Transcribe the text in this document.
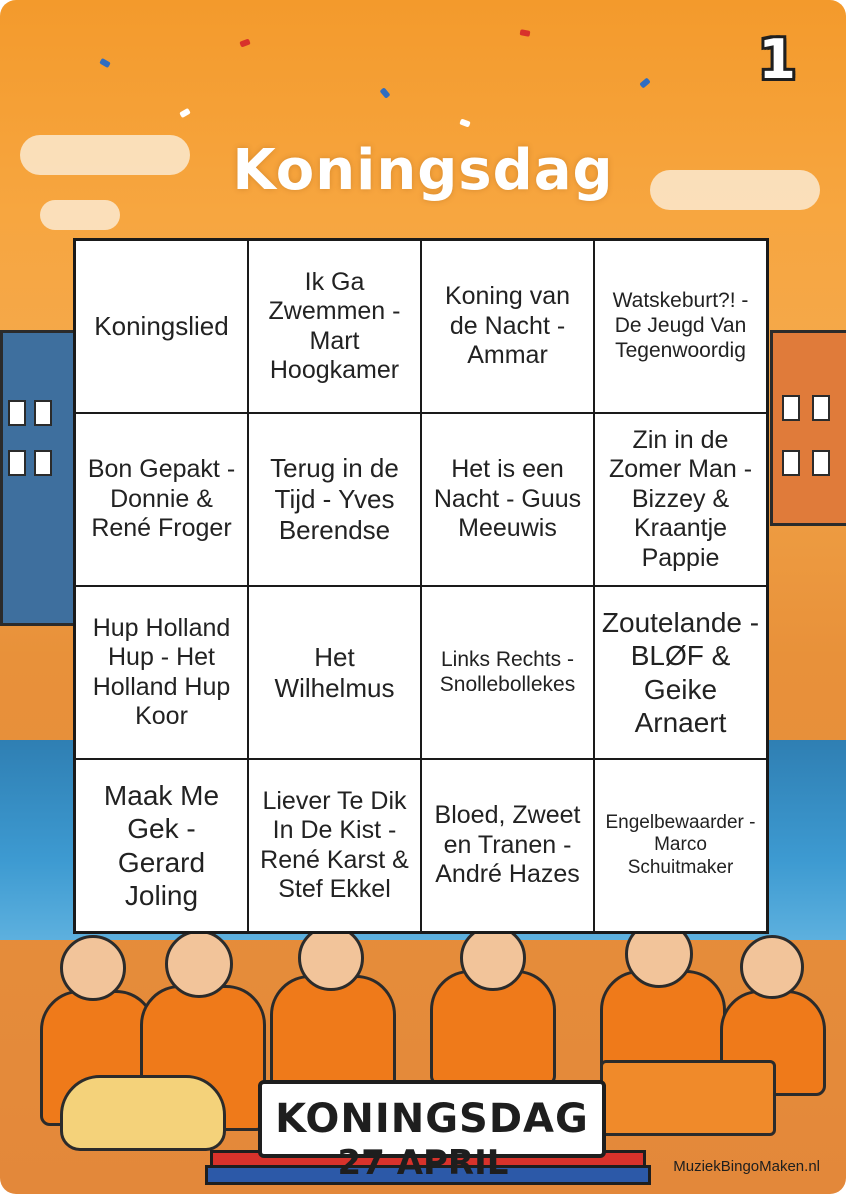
1
Koningsdag
Koningslied
Ik Ga Zwemmen - Mart Hoogkamer
Koning van de Nacht - Ammar
Watskeburt?! - De Jeugd Van Tegenwoordig
Bon Gepakt - Donnie & René Froger
Terug in de Tijd - Yves Berendse
Het is een Nacht - Guus Meeuwis
Zin in de Zomer Man - Bizzey & Kraantje Pappie
Hup Holland Hup - Het Holland Hup Koor
Het Wilhelmus
Links Rechts - Snollebollekes
Zoutelande - BLØF & Geike Arnaert
Maak Me Gek - Gerard Joling
Liever Te Dik In De Kist - René Karst & Stef Ekkel
Bloed, Zweet en Tranen - André Hazes
Engelbewaarder - Marco Schuitmaker
KONINGSDAG
27 APRIL	MuziekBingoMaken.nl
